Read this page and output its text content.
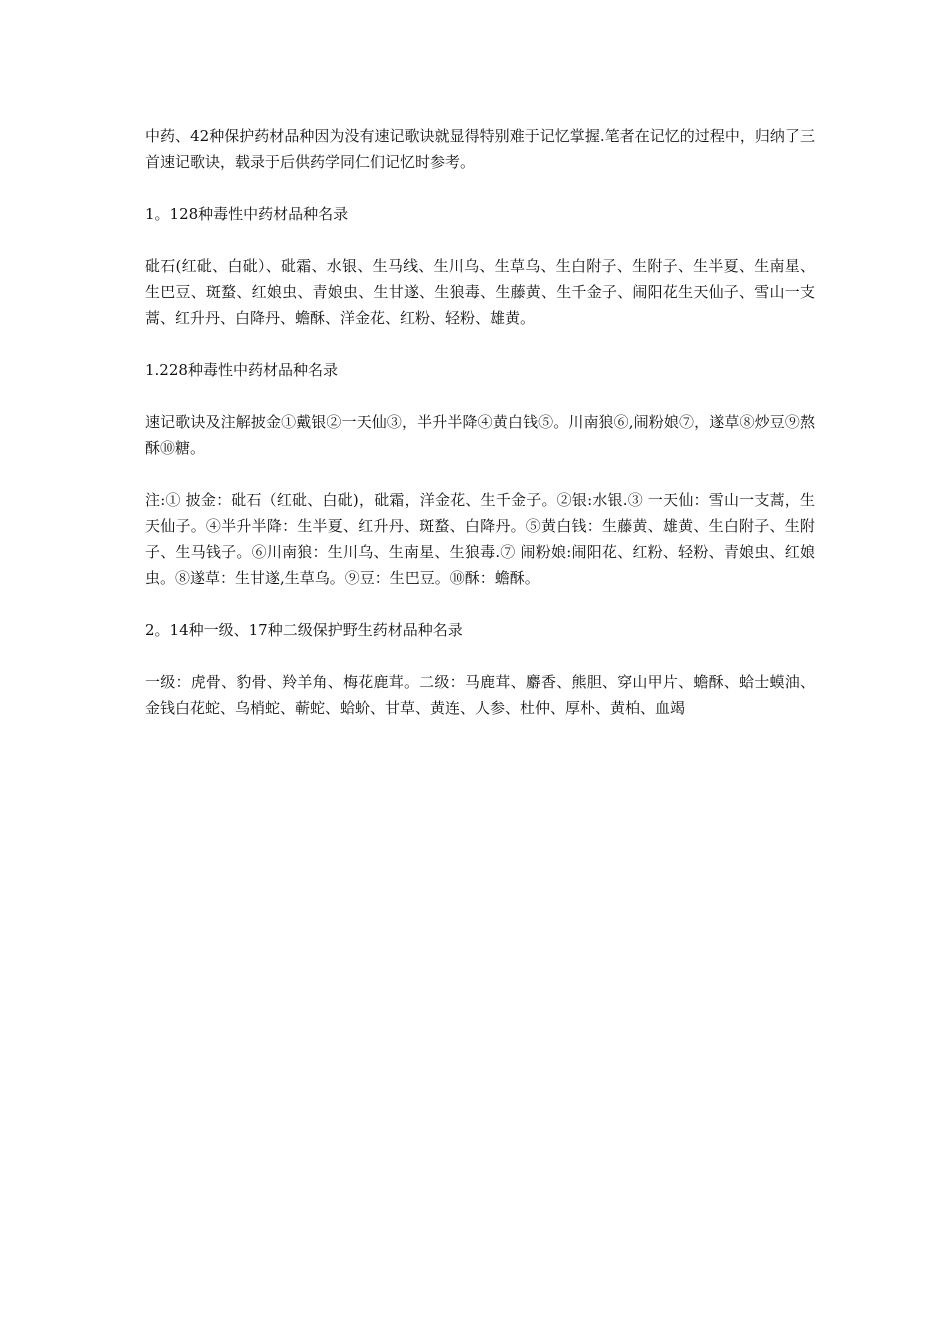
中药、42种保护药材品种因为没有速记歌诀就显得特别难于记忆掌握.笔者在记忆的过程中，归纳了三首速记歌诀，载录于后供药学同仁们记忆时参考。

1。128种毒性中药材品种名录

砒石(红砒、白砒）、砒霜、水银、生马线、生川乌、生草乌、生白附子、生附子、生半夏、生南星、生巴豆、斑蝥、红娘虫、青娘虫、生甘遂、生狼毒、生藤黄、生千金子、闹阳花生天仙子、雪山一支蒿、红升丹、白降丹、蟾酥、洋金花、红粉、轻粉、雄黄。

1.228种毒性中药材品种名录

速记歌诀及注解披金①戴银②一天仙③，半升半降④黄白钱⑤。川南狼⑥,闹粉娘⑦，遂草⑧炒豆⑨熬酥⑩糖。

注:① 披金：砒石（红砒、白砒)，砒霜，洋金花、生千金子。②银:水银.③ 一天仙：雪山一支蒿，生天仙子。④半升半降：生半夏、红升丹、斑蝥、白降丹。⑤黄白钱：生藤黄、雄黄、生白附子、生附子、生马钱子。⑥川南狼：生川乌、生南星、生狼毒.⑦ 闹粉娘:闹阳花、红粉、轻粉、青娘虫、红娘虫。⑧遂草：生甘遂,生草乌。⑨豆：生巴豆。⑩酥：蟾酥。

2。14种一级、17种二级保护野生药材品种名录

一级：虎骨、豹骨、羚羊角、梅花鹿茸。二级：马鹿茸、麝香、熊胆、穿山甲片、蟾酥、蛤士蟆油、金钱白花蛇、乌梢蛇、蕲蛇、蛤蚧、甘草、黄连、人参、杜仲、厚朴、黄柏、血竭
